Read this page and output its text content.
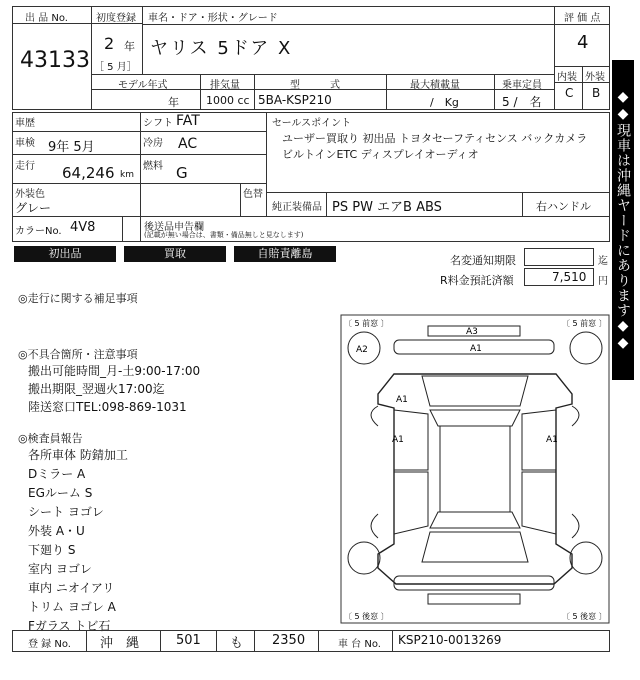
出 品 No.
43133
初度登録
2 年
［ 5 月］
車名・ドア・形状・グレード
ヤリス 5ドア X
評 価 点
4
内装 外装
C B
モデル年式
年
排気量
1000 cc
型　　　式
5BA-KSP210
最大積載量
/　Kg
乗車定員
5 /　名
車歴	シフト FAT
車検 9年 5月	冷房 AC
走行 64,246 km
燃料 G
外装色
グレー
色替
カラーNo. 4V8	後送品申告欄
(記載が無い場合は、書類・備品無しと見なします)
セールスポイント
ユーザー買取り 初出品 トヨタセーフティセンス バックカメラ
ビルトインETC ディスプレイオーディオ
純正装備品 PS PW エアB ABS	右ハンドル
初出品	買取	自賠責離島	◆◆現車は沖縄ヤードにあります◆◆
名変通知期限	迄
R料金預託済額	7,510 円
◎走行に関する補足事項
◎不具合箇所・注意事項
搬出可能時間_月-土9:00-17:00
搬出期限_翌週火17:00迄
陸送窓口TEL:098-869-1031
◎検査員報告
各所車体 防錆加工
Dミラー A
EGルーム S
シート ヨゴレ
外装 A・U
下廻り S
室内 ヨゴレ
車内 ニオイアリ
トリム ヨゴレ A
Fガラス トビ石
〔 5 前窓 〕	〔 5 前窓 〕
〔 5 後窓 〕	〔 5 後窓 〕
A3
A1
A2
A1
A1	A1
登 録 No. 沖　縄	501 も 2350	車 台 No. KSP210-0013269
